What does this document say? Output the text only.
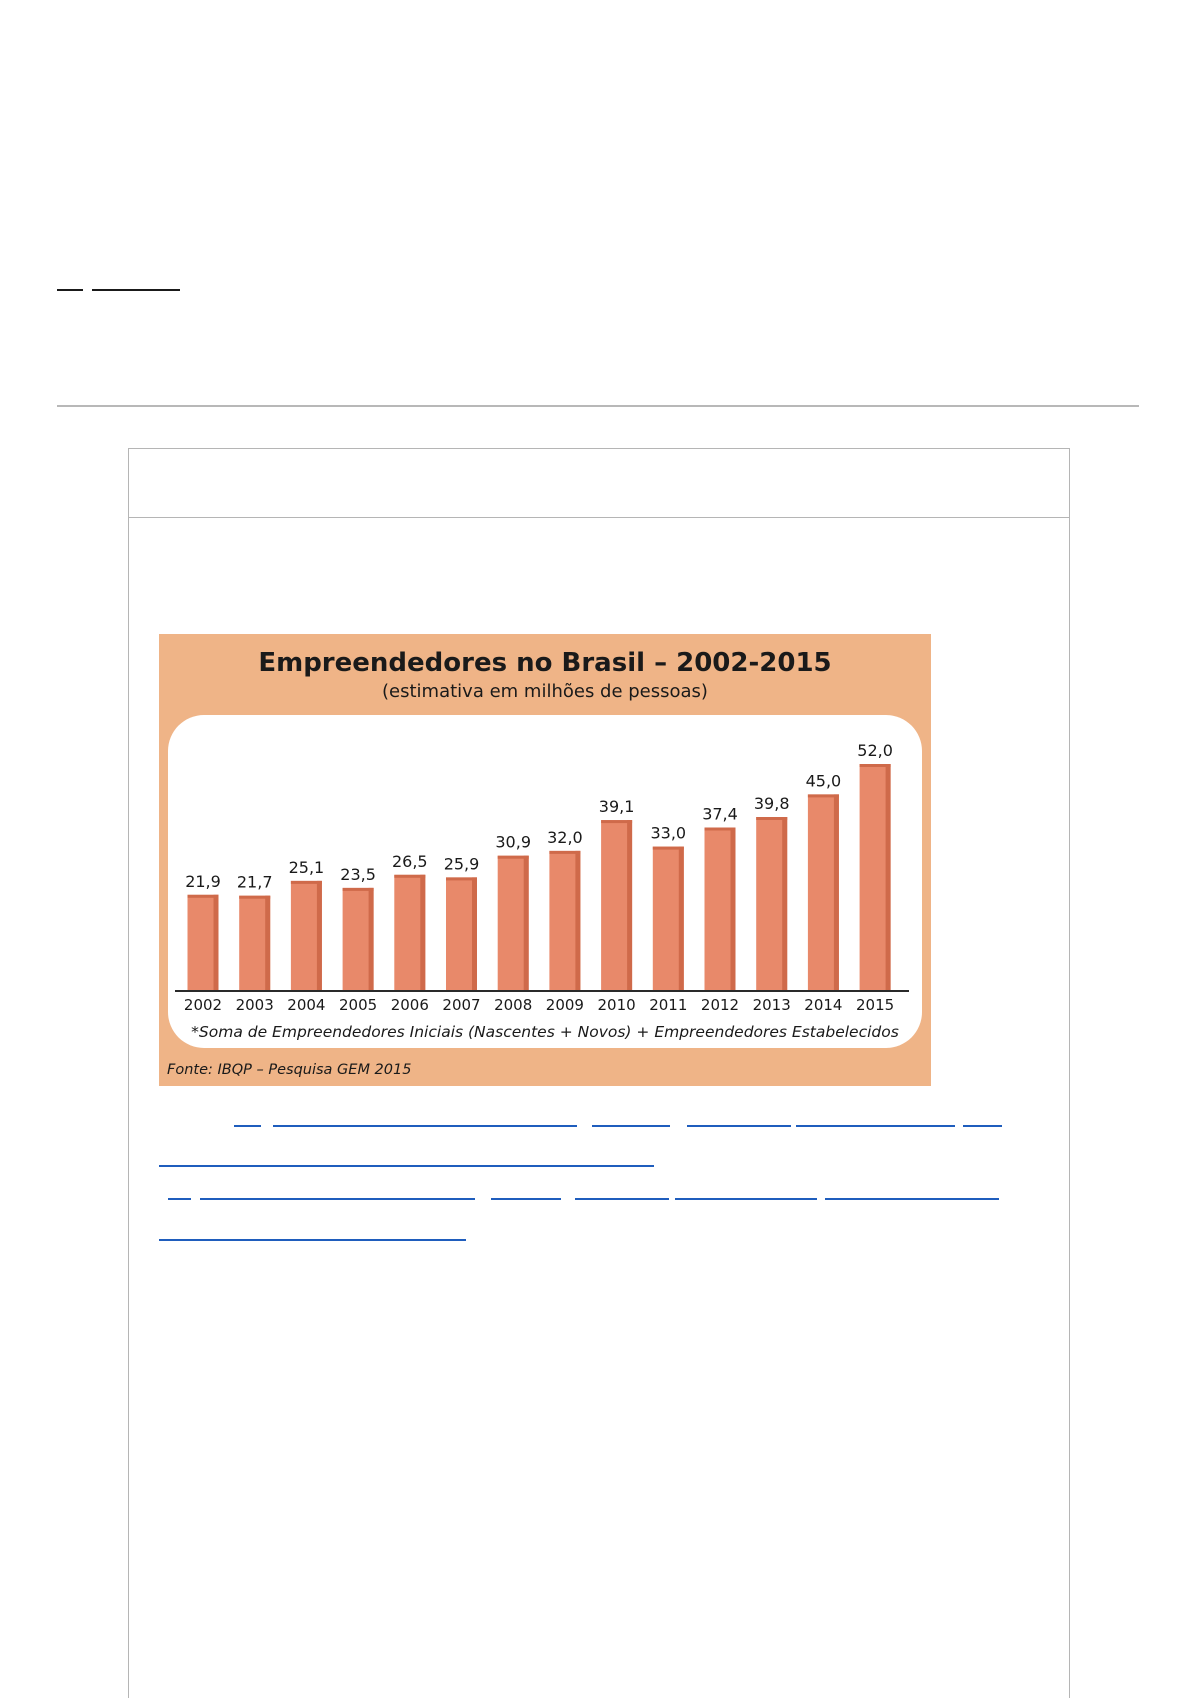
Empreendedores no Brasil – 2002-2015
(estimativa em milhões de pessoas)
21,9 21,7
25,1 23,5
26,5 25,9
30,9 32,0
39,1
33,0
37,4
39,8
45,0
52,0
2002 2003 2004 2005 2006 2007 2008 2009 2010 2011 2012 2013 2014 2015
*Soma de Empreendedores Iniciais (Nascentes + Novos) + Empreendedores Estabelecidos
Fonte: IBQP – Pesquisa GEM 2015
